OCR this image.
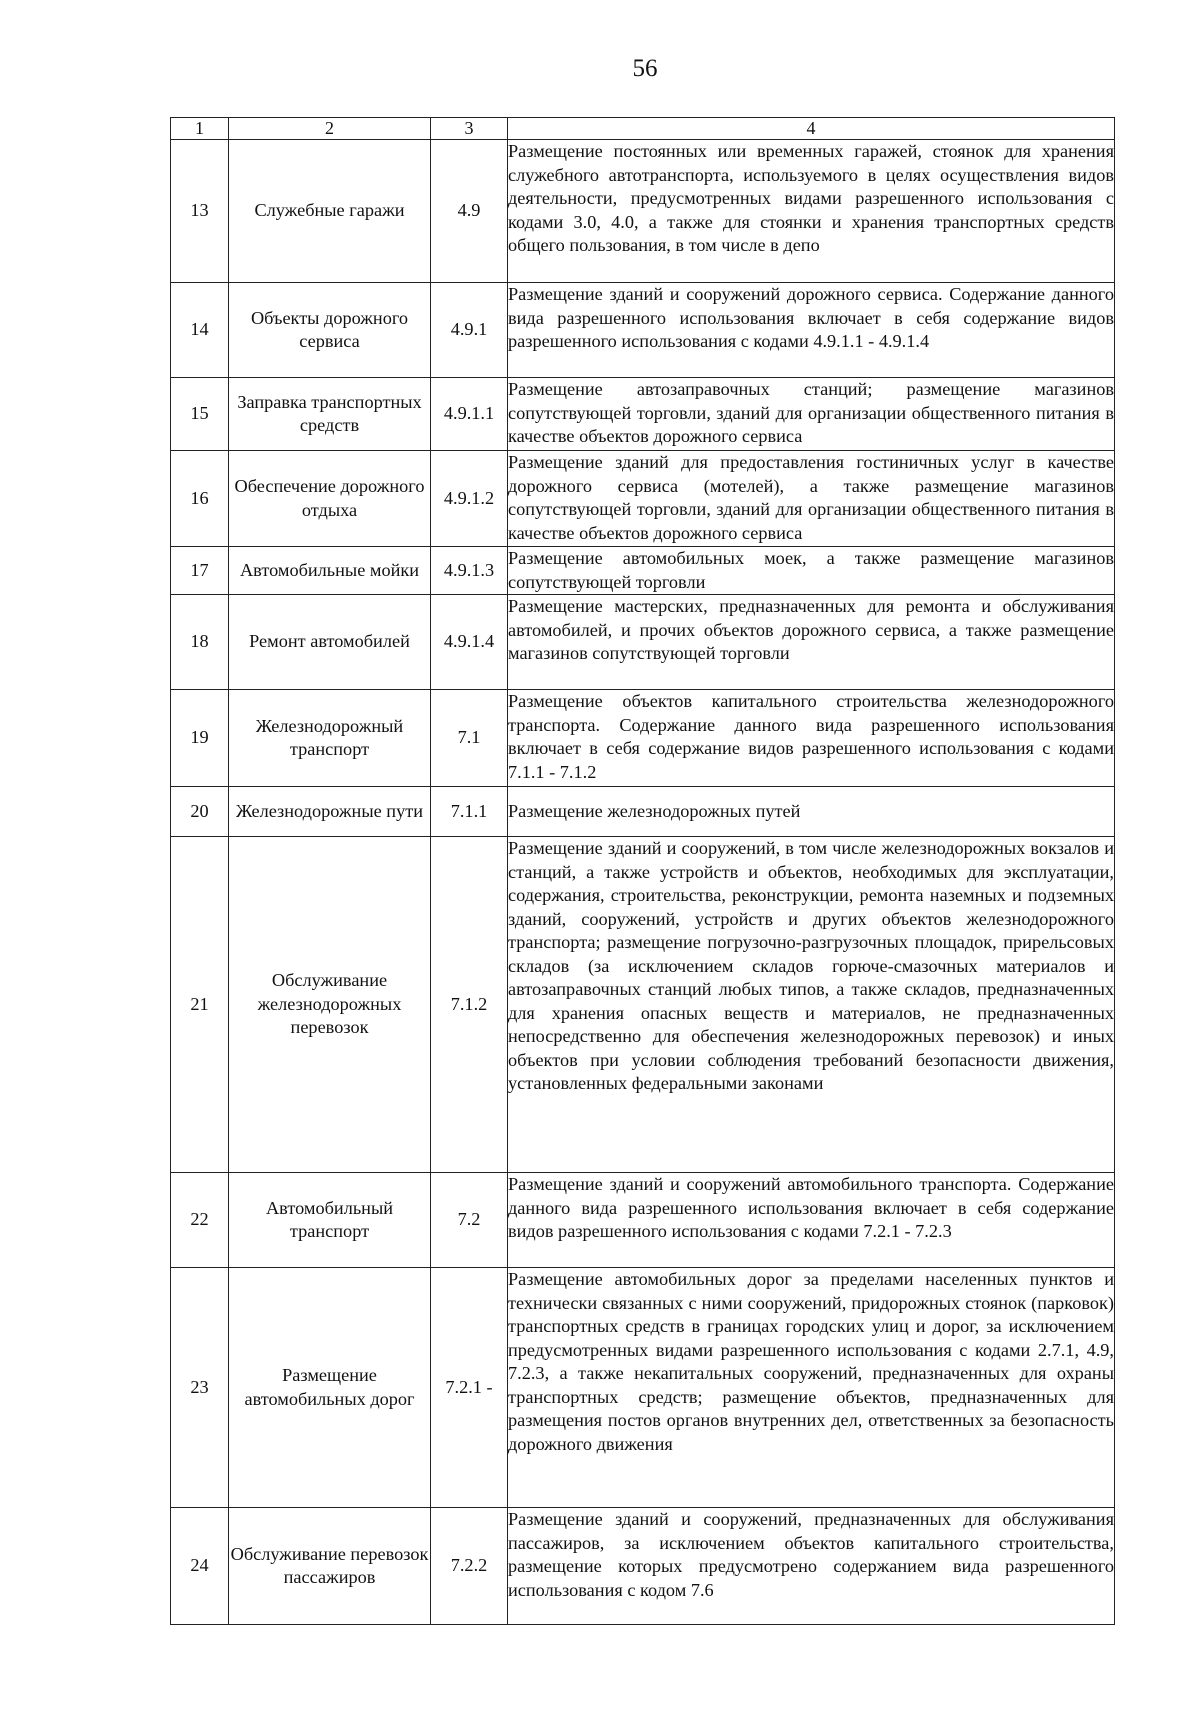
56
1	2	3	4
13	Служебные гаражи	4.9	Размещение постоянных или временных гаражей, стоянок для хранения служебного автотранспорта, используемого в целях осуществления видов деятельности, предусмотренных видами разрешенного использования с кодами 3.0, 4.0, а также для стоянки и хранения транспортных средств общего пользования, в том числе в депо
14	Объекты дорожного сервиса	4.9.1	Размещение зданий и сооружений дорожного сервиса. Содержание данного вида разрешенного использования включает в себя содержание видов разрешенного использования с кодами 4.9.1.1 - 4.9.1.4
15	Заправка транспортных средств	4.9.1.1	Размещение автозаправочных станций; размещение магазинов сопутствующей торговли, зданий для организации общественного питания в качестве объектов дорожного сервиса
16	Обеспечение дорожного отдыха	4.9.1.2	Размещение зданий для предоставления гостиничных услуг в качестве дорожного сервиса (мотелей), а также размещение магазинов сопутствующей торговли, зданий для организации общественного питания в качестве объектов дорожного сервиса
17	Автомобильные мойки	4.9.1.3	Размещение автомобильных моек, а также размещение магазинов сопутствующей торговли
18	Ремонт автомобилей	4.9.1.4	Размещение мастерских, предназначенных для ремонта и обслуживания автомобилей, и прочих объектов дорожного сервиса, а также размещение магазинов сопутствующей торговли
19	Железнодорожный транспорт	7.1	Размещение объектов капитального строительства железнодорожного транспорта. Содержание данного вида разрешенного использования включает в себя содержание видов разрешенного использования с кодами 7.1.1 - 7.1.2
20	Железнодорожные пути	7.1.1	Размещение железнодорожных путей
21	Обслуживание железнодорожных перевозок	7.1.2	Размещение зданий и сооружений, в том числе железнодорожных вокзалов и станций, а также устройств и объектов, необходимых для эксплуатации, содержания, строительства, реконструкции, ремонта наземных и подземных зданий, сооружений, устройств и других объектов железнодорожного транспорта; размещение погрузочно-разгрузочных площадок, прирельсовых складов (за исключением складов горюче-смазочных материалов и автозаправочных станций любых типов, а также складов, предназначенных для хранения опасных веществ и материалов, не предназначенных непосредственно для обеспечения железнодорожных перевозок) и иных объектов при условии соблюдения требований безопасности движения, установленных федеральными законами
22	Автомобильный транспорт	7.2	Размещение зданий и сооружений автомобильного транспорта. Содержание данного вида разрешенного использования включает в себя содержание видов разрешенного использования с кодами 7.2.1 - 7.2.3
23	Размещение автомобильных дорог	7.2.1 -	Размещение автомобильных дорог за пределами населенных пунктов и технически связанных с ними сооружений, придорожных стоянок (парковок) транспортных средств в границах городских улиц и дорог, за исключением предусмотренных видами разрешенного использования с кодами 2.7.1, 4.9, 7.2.3, а также некапитальных сооружений, предназначенных для охраны транспортных средств; размещение объектов, предназначенных для размещения постов органов внутренних дел, ответственных за безопасность дорожного движения
24	Обслуживание перевозок пассажиров	7.2.2	Размещение зданий и сооружений, предназначенных для обслуживания пассажиров, за исключением объектов капитального строительства, размещение которых предусмотрено содержанием вида разрешенного использования с кодом 7.6
